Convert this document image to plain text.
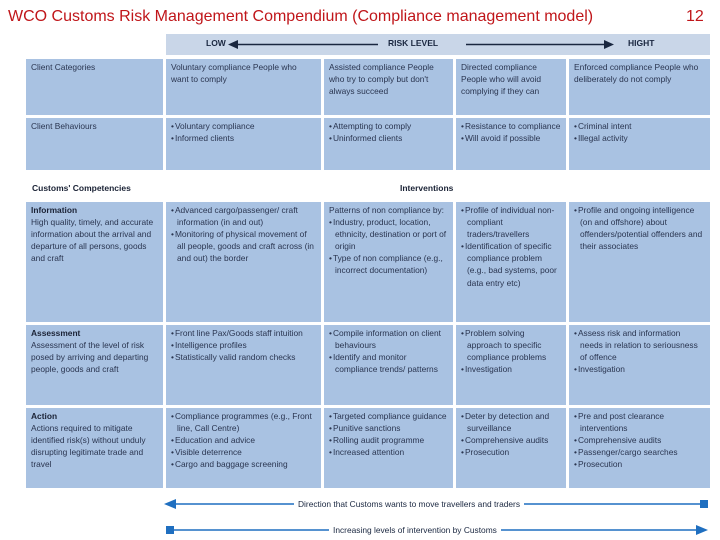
WCO Customs Risk Management Compendium (Compliance management model)	12
LOW	RISK LEVEL	HIGHT
Client Categories	Voluntary compliance People who want to comply
Assisted compliance People who try to comply but don't always succeed
Directed compliance People who will avoid complying if they can
Enforced compliance People who deliberately do not comply
Client Behaviours
•	Voluntary compliance
• Informed clients
• Attempting to comply
• Uninformed clients
• Resistance to compliance
• Will avoid if possible
• Criminal intent
• Illegal activity
Customs' Competencies	Interventions
Information
High quality, timely, and accurate information about the arrival and departure of all persons, goods and craft
• Advanced cargo/passenger/ craft information (in and out)
• Monitoring of physical movement of all people, goods and craft across (in and out) the border
Patterns of non compliance by:
• Industry, product, location, ethnicity, destination or port of origin
• Type of non compliance (e.g., incorrect documentation)
• Profile of individual non-compliant traders/travellers
• Identification of specific compliance problem (e.g., bad systems, poor data entry etc)
• Profile and ongoing intelligence (on and offshore) about offenders/potential offenders and their associates
Assessment
Assessment of the level of risk posed by arriving and departing people, goods and craft
• Front line Pax/Goods staff intuition
• Intelligence profiles
• Statistically valid random checks
• Compile information on client behaviours
• Identify and monitor compliance trends/ patterns
• Problem solving approach to specific compliance problems
• Investigation
• Assess risk and information needs in relation to seriousness of offence
• Investigation
Action
Actions required to mitigate identified risk(s) without unduly disrupting legitimate trade and travel
• Compliance programmes (e.g., Front line, Call Centre)
• Education and advice
• Visible deterrence
• Cargo and baggage screening
• Targeted compliance guidance
• Punitive sanctions
• Rolling audit programme
• Increased attention
• Deter by detection and surveillance
• Comprehensive audits
• Prosecution
• Pre and post clearance interventions
• Comprehensive audits
• Passenger/cargo searches
• Prosecution
Direction that Customs wants to move travellers and traders
Increasing levels of intervention by Customs
